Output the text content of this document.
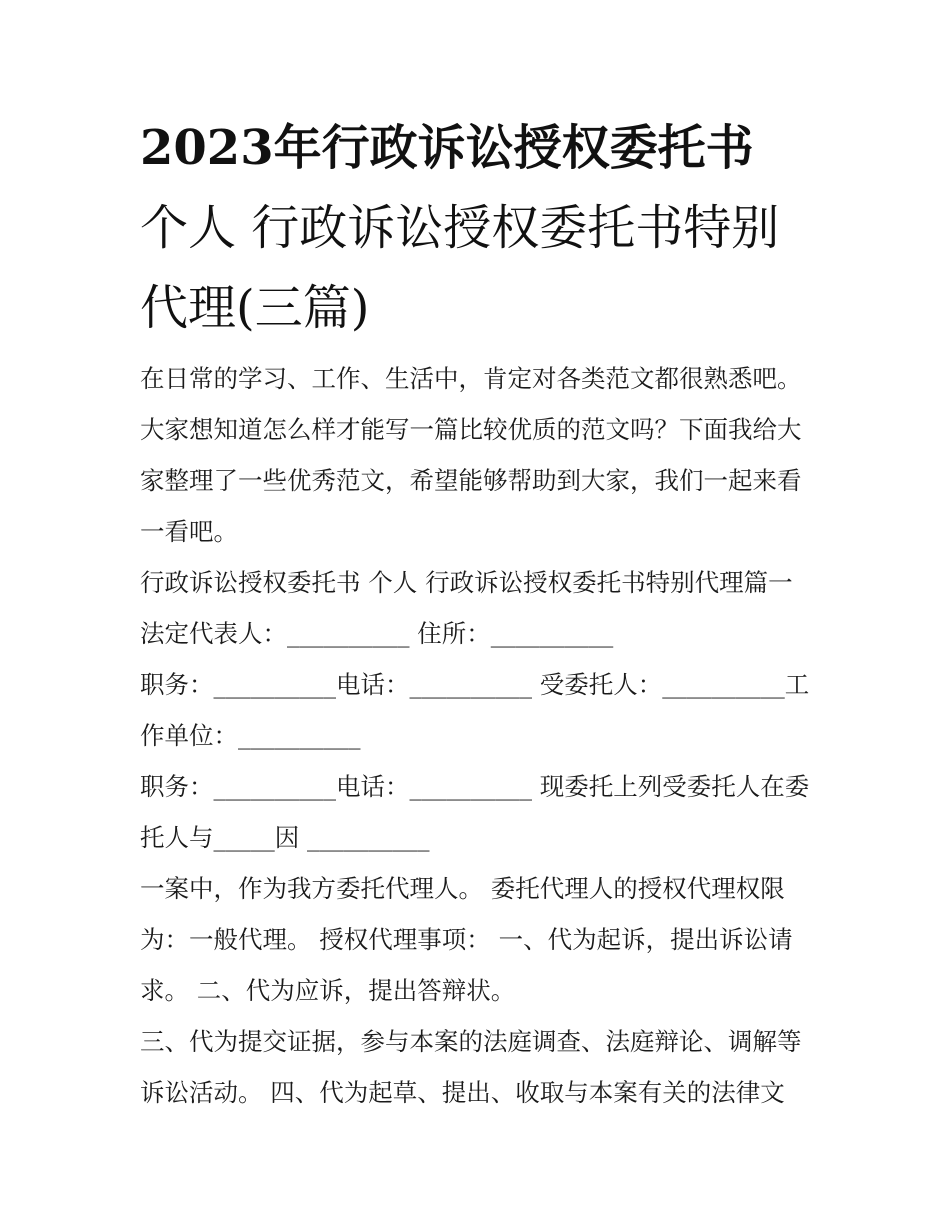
2023年行政诉讼授权委托书
个人 行政诉讼授权委托书特别
代理(三篇)
在日常的学习、工作、生活中，肯定对各类范文都很熟悉吧。
大家想知道怎么样才能写一篇比较优质的范文吗？下面我给大
家整理了一些优秀范文，希望能够帮助到大家，我们一起来看
一看吧。
行政诉讼授权委托书 个人 行政诉讼授权委托书特别代理篇一
法定代表人：__________ 住所：__________
职务：__________电话：__________ 受委托人：__________工
作单位：__________
职务：__________电话：__________ 现委托上列受委托人在委
托人与_____因 __________
一案中，作为我方委托代理人。 委托代理人的授权代理权限
为：一般代理。 授权代理事项： 一、代为起诉，提出诉讼请
求。 二、代为应诉，提出答辩状。
三、代为提交证据，参与本案的法庭调查、法庭辩论、调解等
诉讼活动。 四、代为起草、提出、收取与本案有关的法律文
